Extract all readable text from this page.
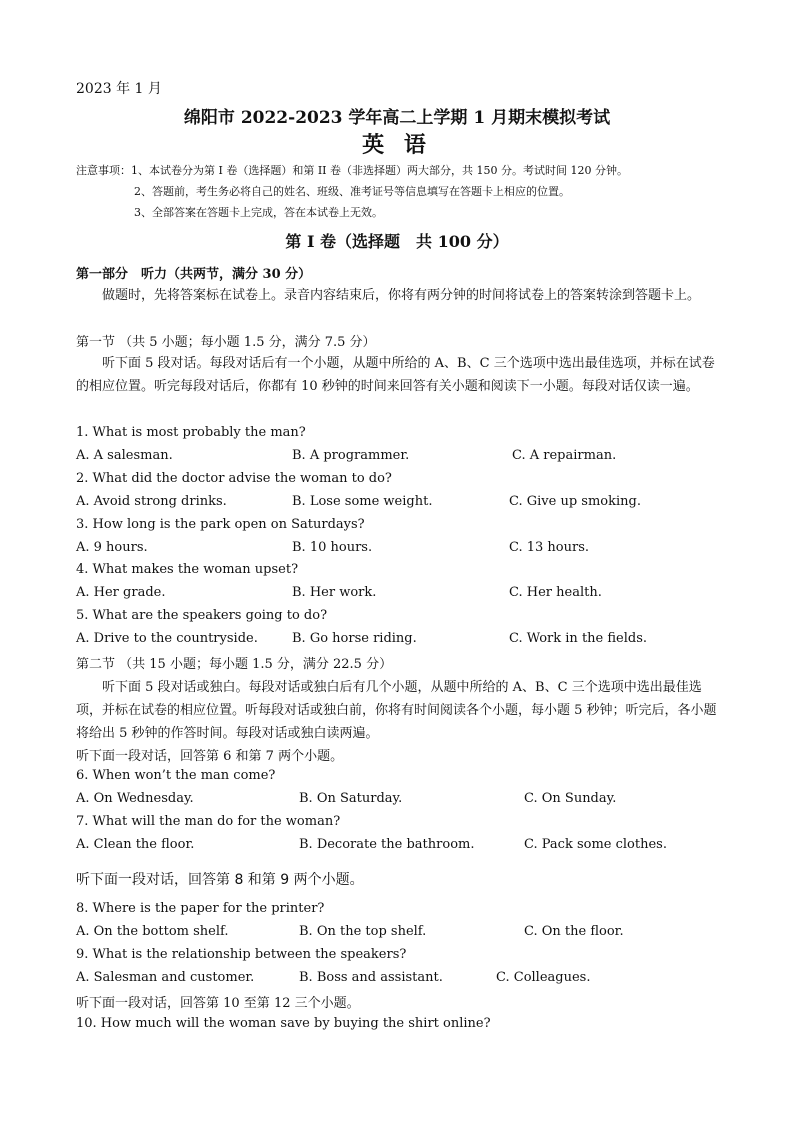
2023 年 1 月
绵阳市 2022-2023 学年高二上学期 1 月期末模拟考试
英 语
注意事项：1、本试卷分为第 I 卷（选择题）和第 II 卷（非选择题）两大部分，共 150 分。考试时间 120 分钟。
2、答题前，考生务必将自己的姓名、班级、准考证号等信息填写在答题卡上相应的位置。
3、全部答案在答题卡上完成，答在本试卷上无效。
第 I 卷（选择题　共 100 分）
第一部分　听力（共两节，满分 30 分）
做题时，先将答案标在试卷上。录音内容结束后，你将有两分钟的时间将试卷上的答案转涂到答题卡上。
第一节 （共 5 小题；每小题 1.5 分，满分 7.5 分）
听下面 5 段对话。每段对话后有一个小题，从题中所给的 A、B、C 三个选项中选出最佳选项，并标在试卷的相应位置。听完每段对话后，你都有 10 秒钟的时间来回答有关小题和阅读下一小题。每段对话仅读一遍。
1. What is most probably the man?
A. A salesman.	B. A programmer.	C. A repairman.
2. What did the doctor advise the woman to do?
A. Avoid strong drinks.	B. Lose some weight.	C. Give up smoking.
3. How long is the park open on Saturdays?
A. 9 hours.	B. 10 hours.	C. 13 hours.
4. What makes the woman upset?
A. Her grade.	B. Her work.	C. Her health.
5. What are the speakers going to do?
A. Drive to the countryside.	B. Go horse riding.	C. Work in the fields.
第二节 （共 15 小题；每小题 1.5 分，满分 22.5 分）
听下面 5 段对话或独白。每段对话或独白后有几个小题，从题中所给的 A、B、C 三个选项中选出最佳选项，并标在试卷的相应位置。听每段对话或独白前，你将有时间阅读各个小题，每小题 5 秒钟；听完后，各小题将给出 5 秒钟的作答时间。每段对话或独白读两遍。
听下面一段对话，回答第 6 和第 7 两个小题。
6. When won’t the man come?
A. On Wednesday.	B. On Saturday.	C. On Sunday.
7. What will the man do for the woman?
A. Clean the floor.	B. Decorate the bathroom.	C. Pack some clothes.
听下面一段对话，回答第 8 和第 9 两个小题。
8. Where is the paper for the printer?
A. On the bottom shelf.	B. On the top shelf.	C. On the floor.
9. What is the relationship between the speakers?
A. Salesman and customer.	B. Boss and assistant.	C. Colleagues.
听下面一段对话，回答第 10 至第 12 三个小题。
10. How much will the woman save by buying the shirt online?
